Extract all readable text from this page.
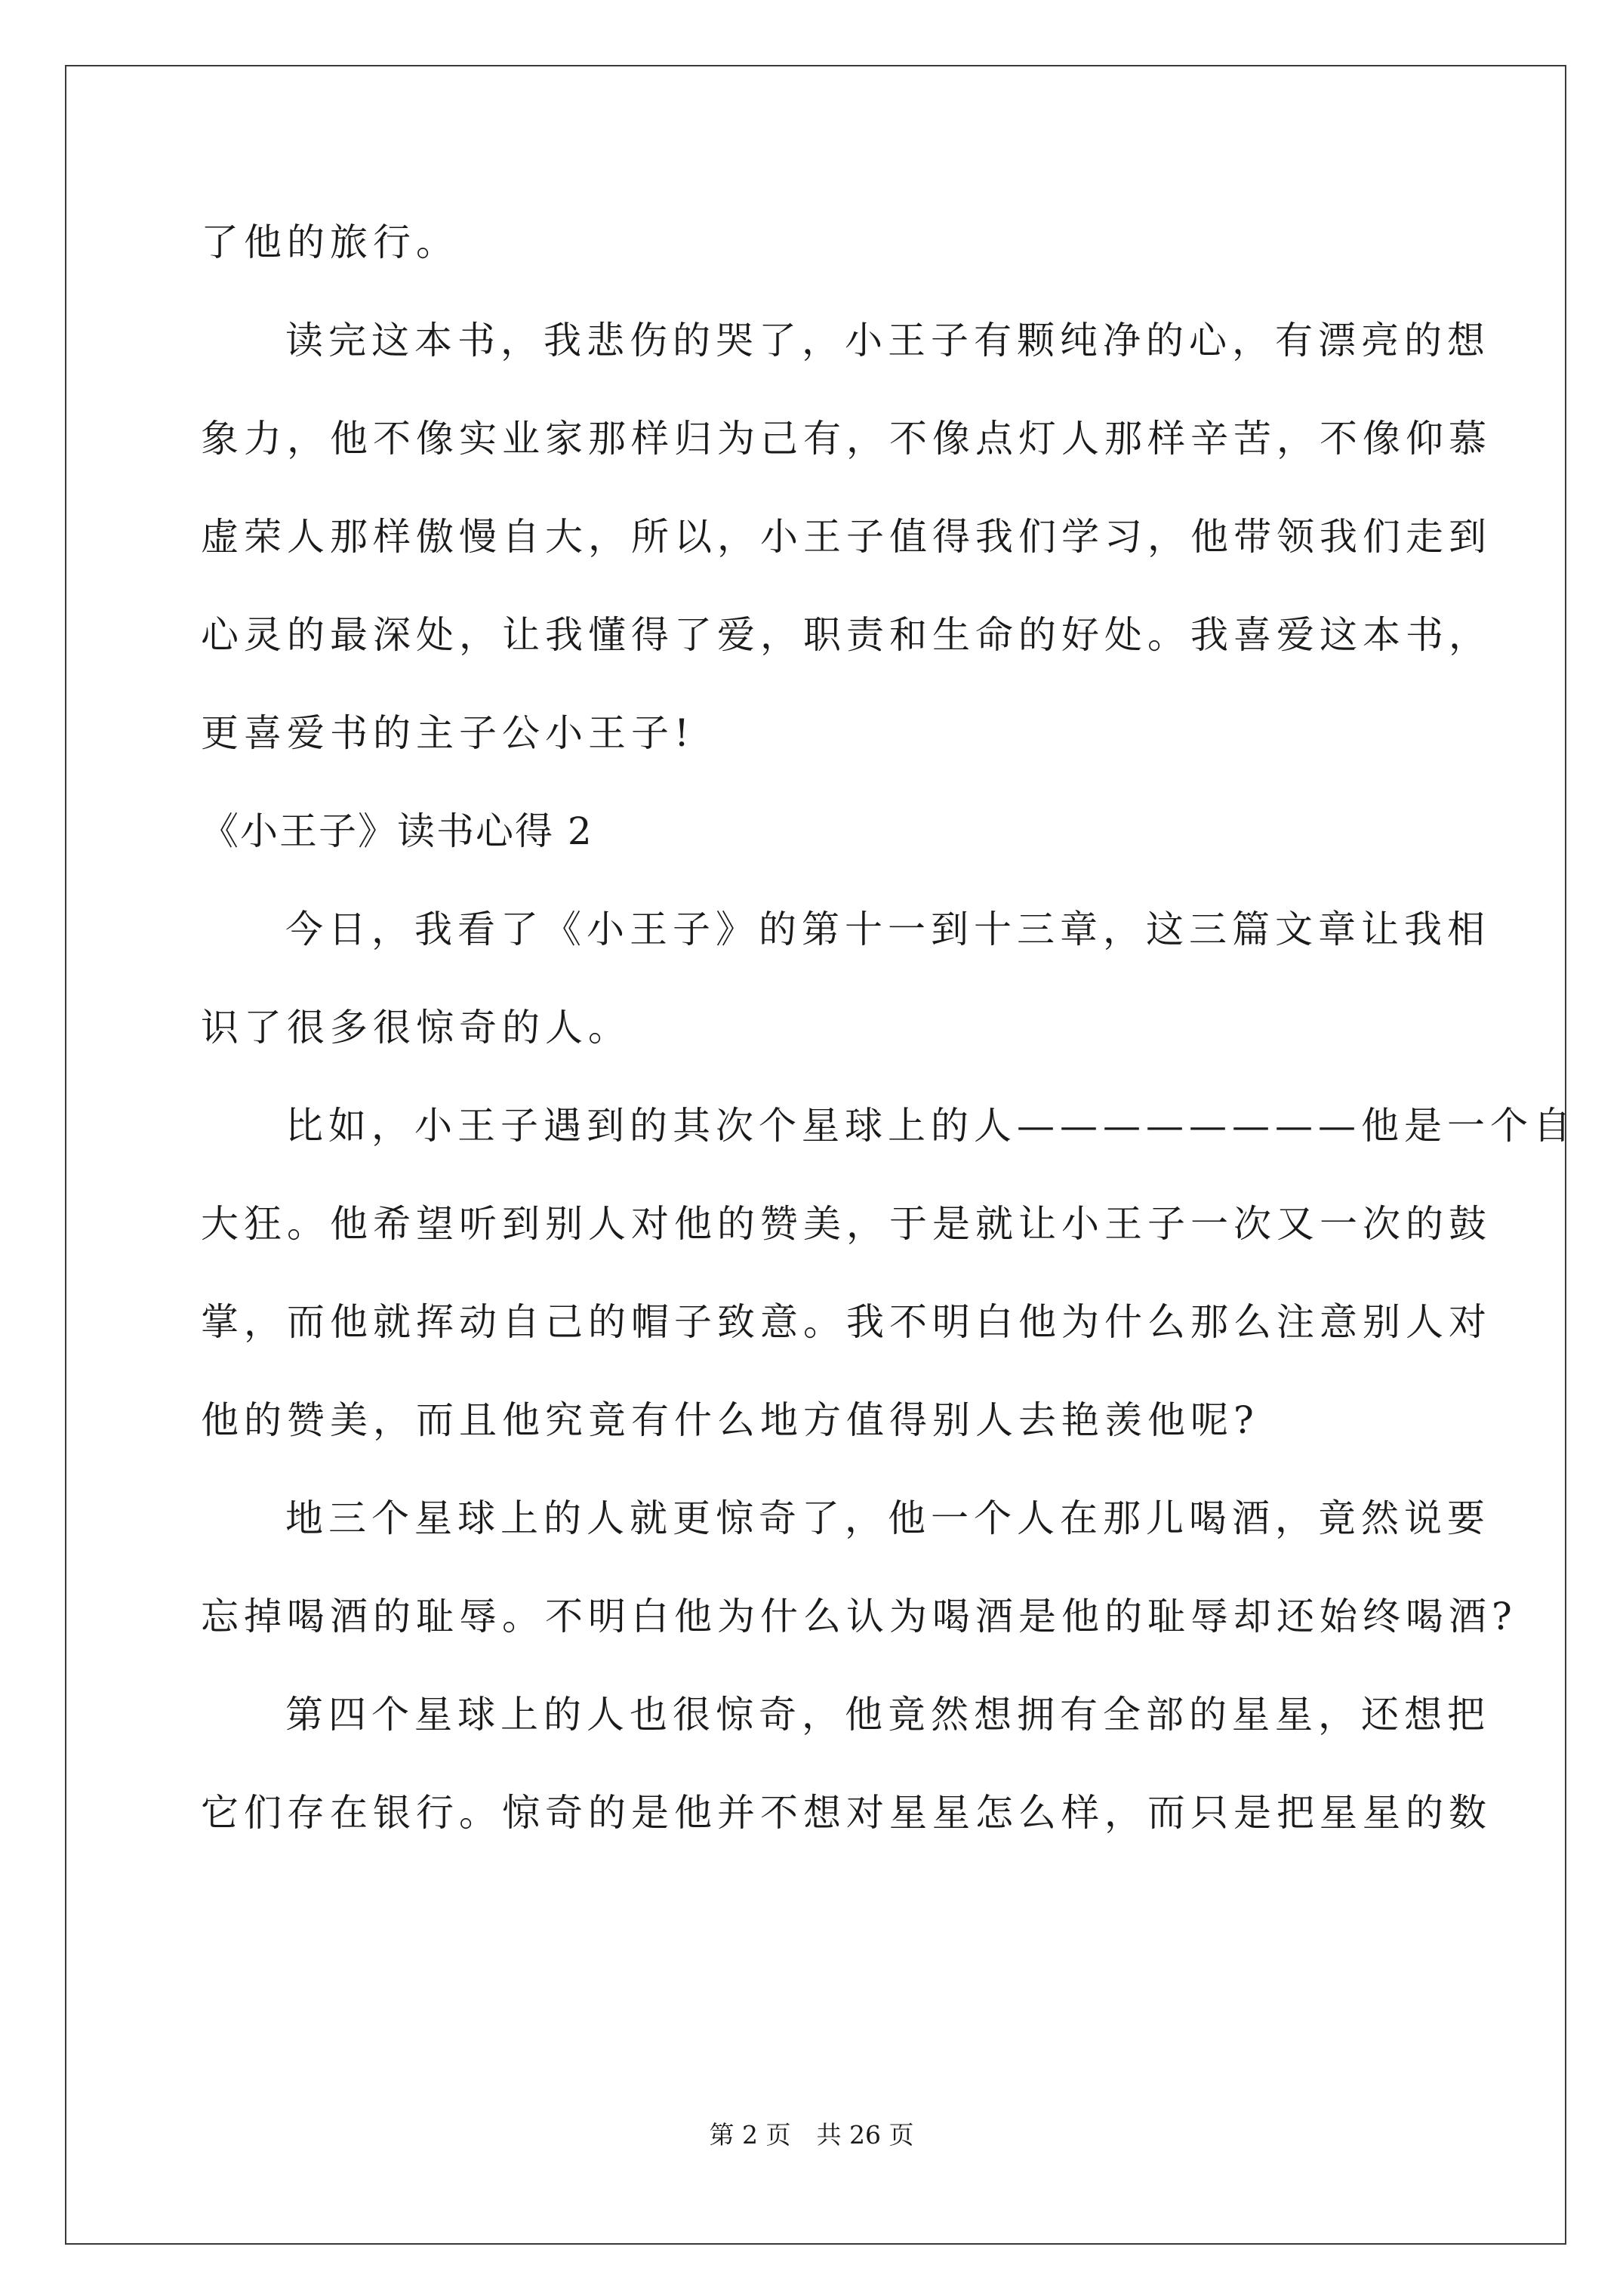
了他的旅行。
读完这本书，我悲伤的哭了，小王子有颗纯净的心，有漂亮的想
象力，他不像实业家那样归为己有，不像点灯人那样辛苦，不像仰慕
虚荣人那样傲慢自大，所以，小王子值得我们学习，他带领我们走到
心灵的最深处，让我懂得了爱，职责和生命的好处。我喜爱这本书，
更喜爱书的主子公小王子!
《小王子》读书心得 2
今日，我看了《小王子》的第十一到十三章，这三篇文章让我相
识了很多很惊奇的人。
比如，小王子遇到的其次个星球上的人————————他是一个自
大狂。他希望听到别人对他的赞美，于是就让小王子一次又一次的鼓
掌，而他就挥动自己的帽子致意。我不明白他为什么那么注意别人对
他的赞美，而且他究竟有什么地方值得别人去艳羡他呢?
地三个星球上的人就更惊奇了，他一个人在那儿喝酒，竟然说要
忘掉喝酒的耻辱。不明白他为什么认为喝酒是他的耻辱却还始终喝酒?
第四个星球上的人也很惊奇，他竟然想拥有全部的星星，还想把
它们存在银行。惊奇的是他并不想对星星怎么样，而只是把星星的数
第 2 页 共 26 页
